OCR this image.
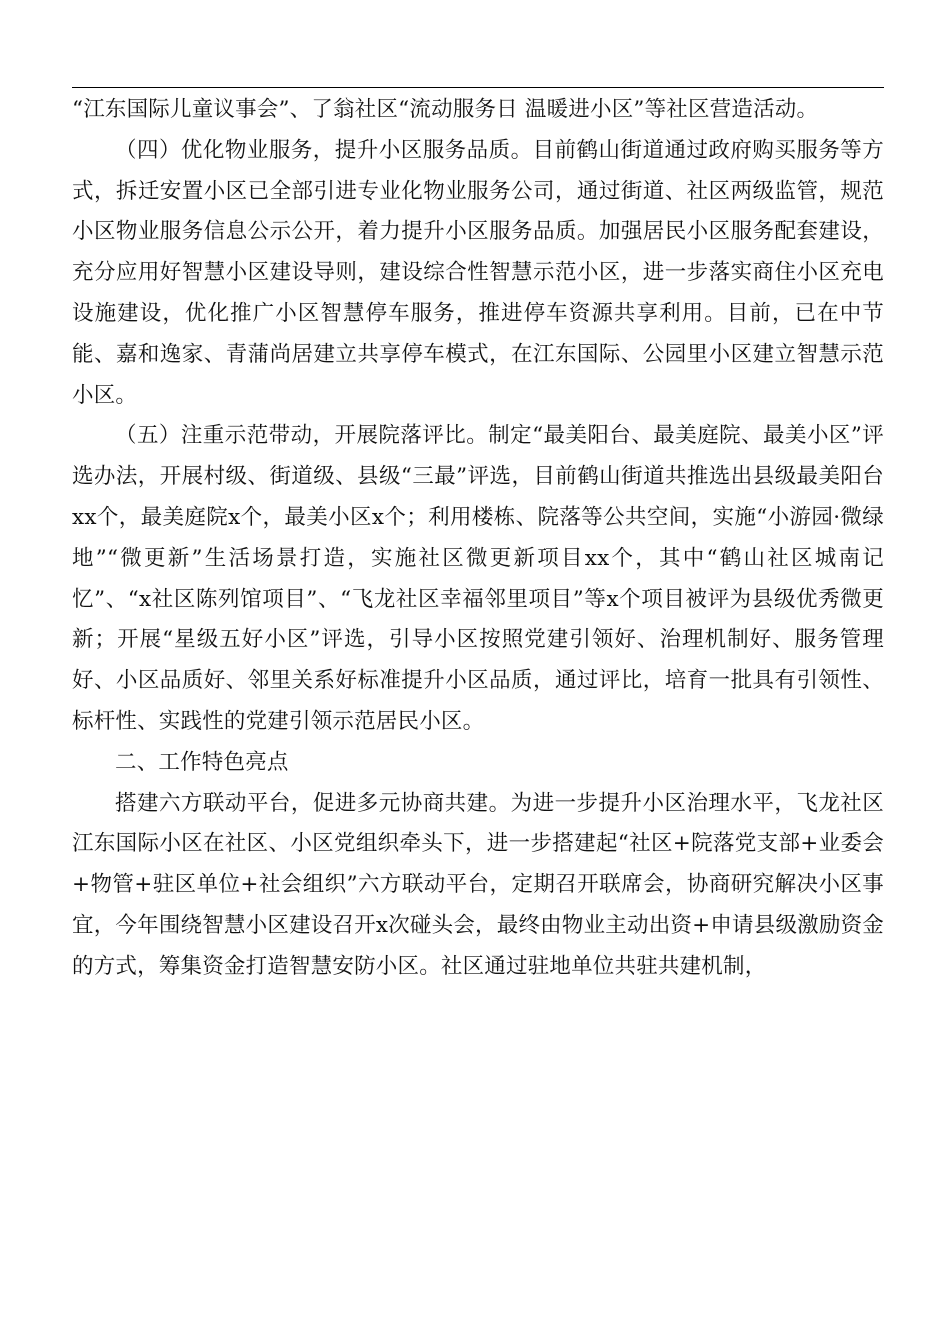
“江东国际儿童议事会”、了翁社区“流动服务日 温暖进小区”等社区营造活动。

（四）优化物业服务，提升小区服务品质。目前鹤山街道通过政府购买服务等方式，拆迁安置小区已全部引进专业化物业服务公司，通过街道、社区两级监管，规范小区物业服务信息公示公开，着力提升小区服务品质。加强居民小区服务配套建设，充分应用好智慧小区建设导则，建设综合性智慧示范小区，进一步落实商住小区充电设施建设，优化推广小区智慧停车服务，推进停车资源共享利用。目前，已在中节能、嘉和逸家、青蒲尚居建立共享停车模式，在江东国际、公园里小区建立智慧示范小区。

（五）注重示范带动，开展院落评比。制定“最美阳台、最美庭院、最美小区”评选办法，开展村级、街道级、县级“三最”评选，目前鹤山街道共推选出县级最美阳台xx个，最美庭院x个，最美小区x个；利用楼栋、院落等公共空间，实施“小游园·微绿地”“微更新”生活场景打造，实施社区微更新项目xx个，其中“鹤山社区城南记忆”、“x社区陈列馆项目”、“飞龙社区幸福邻里项目”等x个项目被评为县级优秀微更新；开展“星级五好小区”评选，引导小区按照党建引领好、治理机制好、服务管理好、小区品质好、邻里关系好标准提升小区品质，通过评比，培育一批具有引领性、标杆性、实践性的党建引领示范居民小区。

二、工作特色亮点

搭建六方联动平台，促进多元协商共建。为进一步提升小区治理水平，飞龙社区江东国际小区在社区、小区党组织牵头下，进一步搭建起“社区+院落党支部+业委会+物管+驻区单位+社会组织”六方联动平台，定期召开联席会，协商研究解决小区事宜，今年围绕智慧小区建设召开x次碰头会，最终由物业主动出资+申请县级激励资金的方式，筹集资金打造智慧安防小区。社区通过驻地单位共驻共建机制，
